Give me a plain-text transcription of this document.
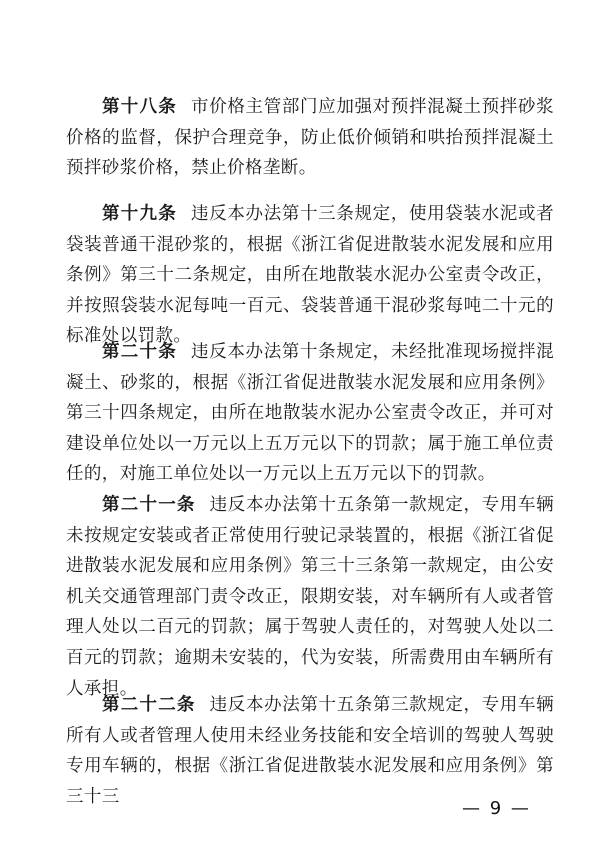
第十八条 市价格主管部门应加强对预拌混凝土预拌砂浆价格的监督，保护合理竞争，防止低价倾销和哄抬预拌混凝土预拌砂浆价格，禁止价格垄断。
第十九条 违反本办法第十三条规定，使用袋装水泥或者袋装普通干混砂浆的，根据《浙江省促进散装水泥发展和应用条例》第三十二条规定，由所在地散装水泥办公室责令改正，并按照袋装水泥每吨一百元、袋装普通干混砂浆每吨二十元的标准处以罚款。
第二十条 违反本办法第十条规定，未经批准现场搅拌混凝土、砂浆的，根据《浙江省促进散装水泥发展和应用条例》第三十四条规定，由所在地散装水泥办公室责令改正，并可对建设单位处以一万元以上五万元以下的罚款；属于施工单位责任的，对施工单位处以一万元以上五万元以下的罚款。
第二十一条 违反本办法第十五条第一款规定，专用车辆未按规定安装或者正常使用行驶记录装置的，根据《浙江省促进散装水泥发展和应用条例》第三十三条第一款规定，由公安机关交通管理部门责令改正，限期安装，对车辆所有人或者管理人处以二百元的罚款；属于驾驶人责任的，对驾驶人处以二百元的罚款；逾期未安装的，代为安装，所需费用由车辆所有人承担。
第二十二条 违反本办法第十五条第三款规定，专用车辆所有人或者管理人使用未经业务技能和安全培训的驾驶人驾驶专用车辆的，根据《浙江省促进散装水泥发展和应用条例》第三十三
— 9 —
